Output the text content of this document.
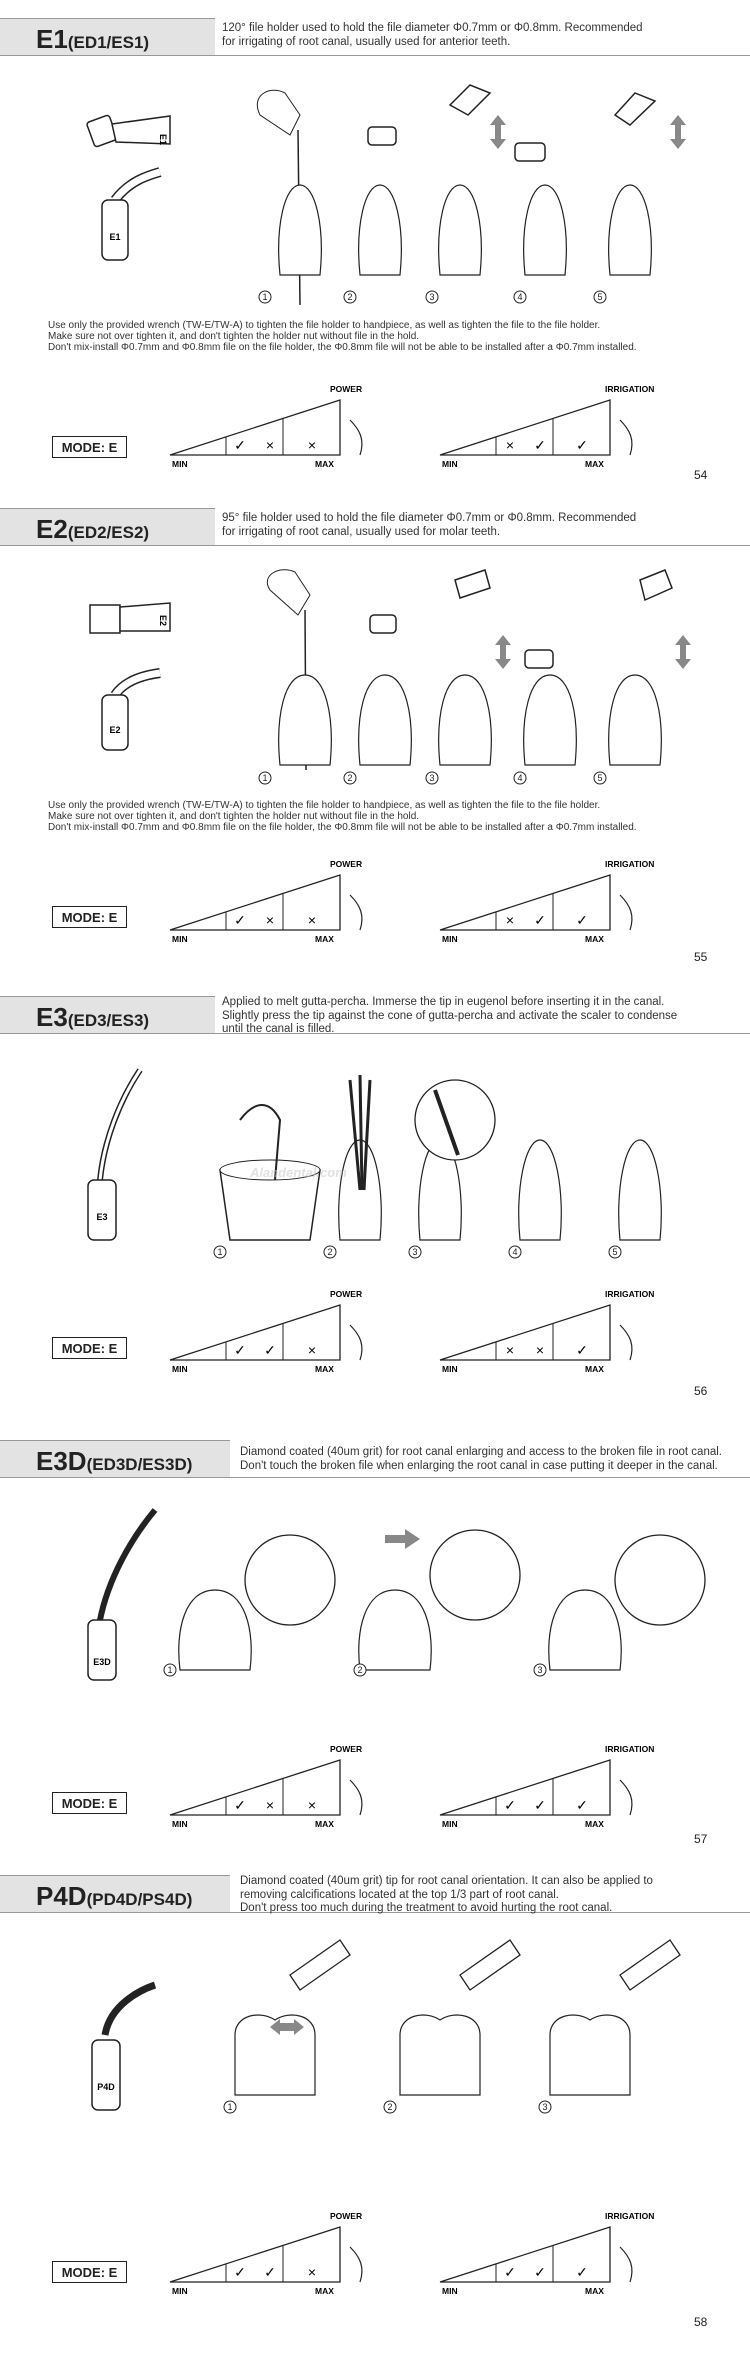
E1(ED1/ES1)
120° file holder used to hold the file diameter Φ0.7mm or Φ0.8mm. Recommended
for irrigating of root canal, usually used for anterior teeth.
E1
E1
1	2	3	4	5
Use only the provided wrench (TW-E/TW-A) to tighten the file holder to handpiece, as well as tighten the file to the file holder.
Make sure not over tighten it, and don't tighten the holder nut without file in the hold.
Don't mix-install Φ0.7mm and Φ0.8mm file on the file holder, the Φ0.8mm file will not be able to be installed after a Φ0.7mm installed.
MODE: E
POWER
✓ × ×
MIN	MAX
IRRIGATION
× ✓ ✓
MIN	MAX
54
E2(ED2/ES2)
95° file holder used to hold the file diameter Φ0.7mm or Φ0.8mm. Recommended
for irrigating of root canal, usually used for molar teeth.
E2
E2
1	2	3	4	5
Use only the provided wrench (TW-E/TW-A) to tighten the file holder to handpiece, as well as tighten the file to the file holder.
Make sure not over tighten it, and don't tighten the holder nut without file in the hold.
Don't mix-install Φ0.7mm and Φ0.8mm file on the file holder, the Φ0.8mm file will not be able to be installed after a Φ0.7mm installed.
MODE: E
POWER
✓ × ×
MIN	MAX
IRRIGATION
× ✓ ✓
MIN	MAX
55
E3(ED3/ES3)
Applied to melt gutta-percha. Immerse the tip in eugenol before inserting it in the canal.
Slightly press the tip against the cone of gutta-percha and activate the scaler to condense
until the canal is filled.
E3
1	2	3	4	5
MODE: E
POWER
✓ ✓ ×
MIN	MAX
IRRIGATION
× × ✓
MIN	MAX
Alandental.com
56
E3D(ED3D/ES3D)
Diamond coated (40um grit) for root canal enlarging and access to the broken file in root canal.
Don't touch the broken file when enlarging the root canal in case putting it deeper in the canal.
E3D
1	2	3
MODE: E
POWER
✓ × ×
MIN	MAX
IRRIGATION
✓ ✓ ✓
MIN	MAX
57
P4D(PD4D/PS4D)
Diamond coated (40um grit) tip for root canal orientation. It can also be applied to
removing calcifications located at the top 1/3 part of root canal.
Don't press too much during the treatment to avoid hurting the root canal.
P4D
1	2	3
MODE: E
POWER
✓ ✓ ×
MIN	MAX
IRRIGATION
✓ ✓ ✓
MIN	MAX
58
